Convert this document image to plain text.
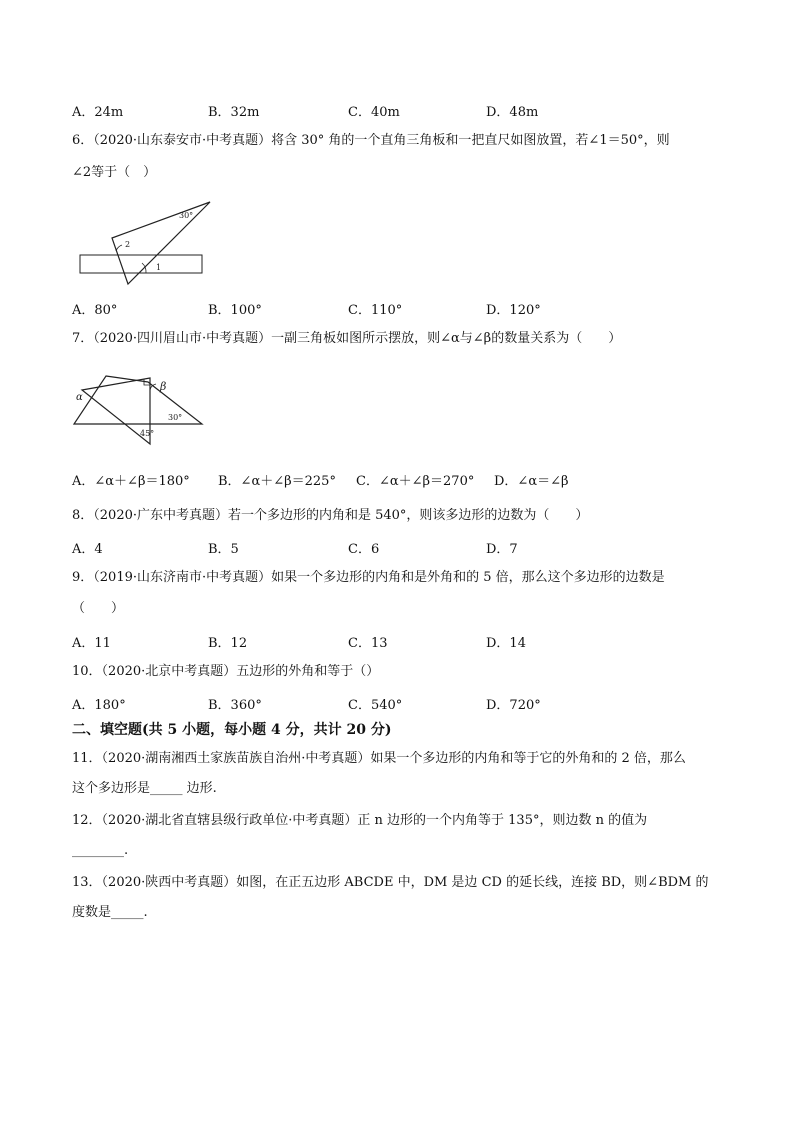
A．24m	B．32m	C．40m	D．48m
6．（2020·山东泰安市·中考真题）将含 30° 角的一个直角三角板和一把直尺如图放置，若∠1＝50°，则
∠2等于（　）
30°
2
1
A．80°	B．100°	C．110°	D．120°
7．（2020·四川眉山市·中考真题）一副三角板如图所示摆放，则∠α与∠β的数量关系为（　　）
α
β
30°
45°
A．∠α＋∠β＝180° B．∠α＋∠β＝225° C．∠α＋∠β＝270° D．∠α＝∠β
8．（2020·广东中考真题）若一个多边形的内角和是 540°，则该多边形的边数为（　　）
A．4	B．5	C．6	D．7
9．（2019·山东济南市·中考真题）如果一个多边形的内角和是外角和的 5 倍，那么这个多边形的边数是
（　　）
A．11	B．12	C．13	D．14
10．（2020·北京中考真题）五边形的外角和等于（）
A．180°	B．360°	C．540°	D．720°
二、填空题(共 5 小题，每小题 4 分，共计 20 分)
11．（2020·湖南湘西土家族苗族自治州·中考真题）如果一个多边形的内角和等于它的外角和的 2 倍，那么
这个多边形是_____ 边形.
12．（2020·湖北省直辖县级行政单位·中考真题）正 n 边形的一个内角等于 135°，则边数 n 的值为
________.
13．（2020·陕西中考真题）如图，在正五边形 ABCDE 中，DM 是边 CD 的延长线，连接 BD，则∠BDM 的
度数是_____.
